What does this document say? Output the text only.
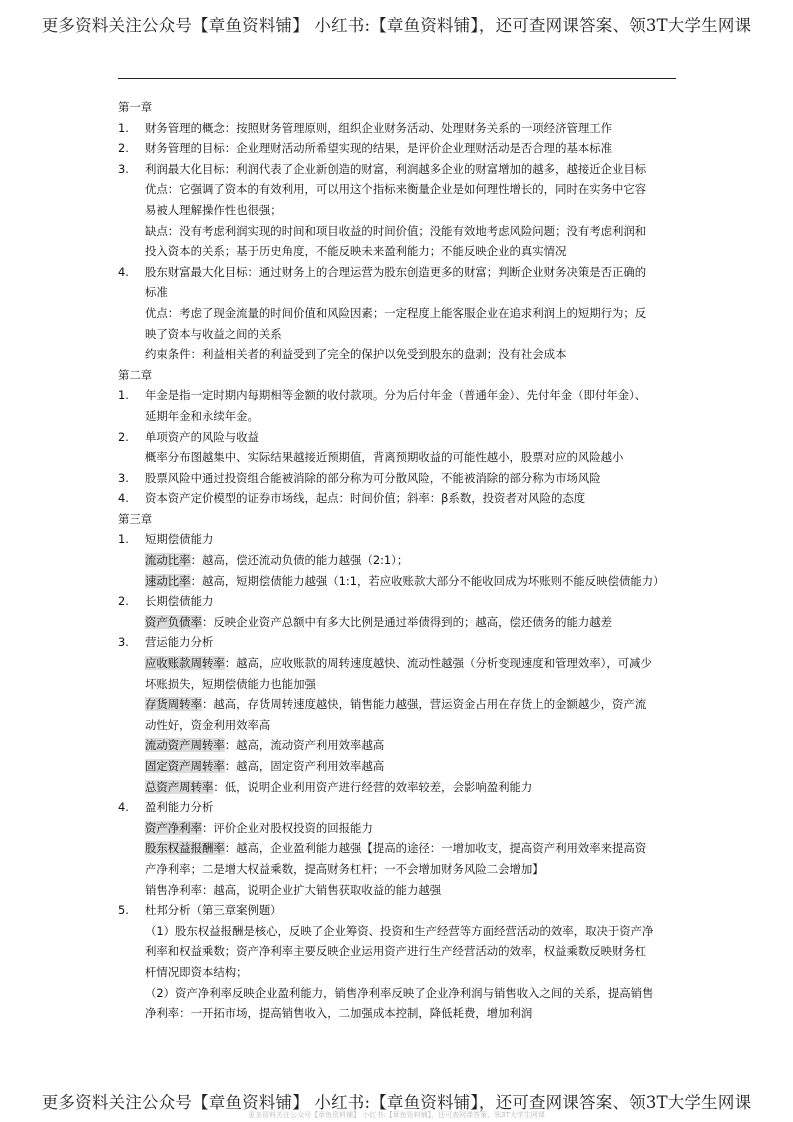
更多资料关注公众号【章鱼资料铺】 小红书:【章鱼资料铺】，还可查网课答案、领3T大学生网课
第一章
1. 财务管理的概念：按照财务管理原则，组织企业财务活动、处理财务关系的一项经济管理工作
2. 财务管理的目标：企业理财活动所希望实现的结果，是评价企业理财活动是否合理的基本标准
3. 利润最大化目标：利润代表了企业新创造的财富，利润越多企业的财富增加的越多，越接近企业目标
优点：它强调了资本的有效利用，可以用这个指标来衡量企业是如何理性增长的，同时在实务中它容
易被人理解操作性也很强；
缺点：没有考虑利润实现的时间和项目收益的时间价值；没能有效地考虑风险问题；没有考虑利润和
投入资本的关系；基于历史角度，不能反映未来盈利能力；不能反映企业的真实情况
4. 股东财富最大化目标：通过财务上的合理运营为股东创造更多的财富；判断企业财务决策是否正确的
标准
优点：考虑了现金流量的时间价值和风险因素；一定程度上能客服企业在追求利润上的短期行为；反
映了资本与收益之间的关系
约束条件：利益相关者的利益受到了完全的保护以免受到股东的盘剥；没有社会成本
第二章
1. 年金是指一定时期内每期相等金额的收付款项。分为后付年金（普通年金）、先付年金（即付年金）、
延期年金和永续年金。
2. 单项资产的风险与收益
概率分布图越集中、实际结果越接近预期值，背离预期收益的可能性越小，股票对应的风险越小
3. 股票风险中通过投资组合能被消除的部分称为可分散风险，不能被消除的部分称为市场风险
4. 资本资产定价模型的证券市场线，起点：时间价值；斜率：β系数，投资者对风险的态度
第三章
1. 短期偿债能力
流动比率：越高，偿还流动负债的能力越强（2:1）；
速动比率：越高，短期偿债能力越强（1:1，若应收账款大部分不能收回成为坏账则不能反映偿债能力）
2. 长期偿债能力
资产负债率：反映企业资产总额中有多大比例是通过举债得到的；越高，偿还债务的能力越差
3. 营运能力分析
应收账款周转率：越高，应收账款的周转速度越快、流动性越强（分析变现速度和管理效率），可减少
坏账损失，短期偿债能力也能加强
存货周转率：越高，存货周转速度越快，销售能力越强，营运资金占用在存货上的金额越少，资产流
动性好，资金利用效率高
流动资产周转率：越高，流动资产利用效率越高
固定资产周转率：越高，固定资产利用效率越高
总资产周转率：低，说明企业利用资产进行经营的效率较差，会影响盈利能力
4. 盈利能力分析
资产净利率：评价企业对股权投资的回报能力
股东权益报酬率：越高，企业盈利能力越强【提高的途径：一增加收支，提高资产利用效率来提高资
产净利率；二是增大权益乘数，提高财务杠杆；一不会增加财务风险二会增加】
销售净利率：越高，说明企业扩大销售获取收益的能力越强
5. 杜邦分析（第三章案例题）
（1）股东权益报酬是核心，反映了企业筹资、投资和生产经营等方面经营活动的效率，取决于资产净
利率和权益乘数；资产净利率主要反映企业运用资产进行生产经营活动的效率，权益乘数反映财务杠
杆情况即资本结构；
（2）资产净利率反映企业盈利能力，销售净利率反映了企业净利润与销售收入之间的关系，提高销售
净利率：一开拓市场，提高销售收入，二加强成本控制，降低耗费，增加利润
更多资料关注公众号【章鱼资料铺】 小红书:【章鱼资料铺】，还可查网课答案、领3T大学生网课
更多资料关注公众号【章鱼资料铺】 小红书:【章鱼资料铺】，还可查网课答案、领3T大学生网课
